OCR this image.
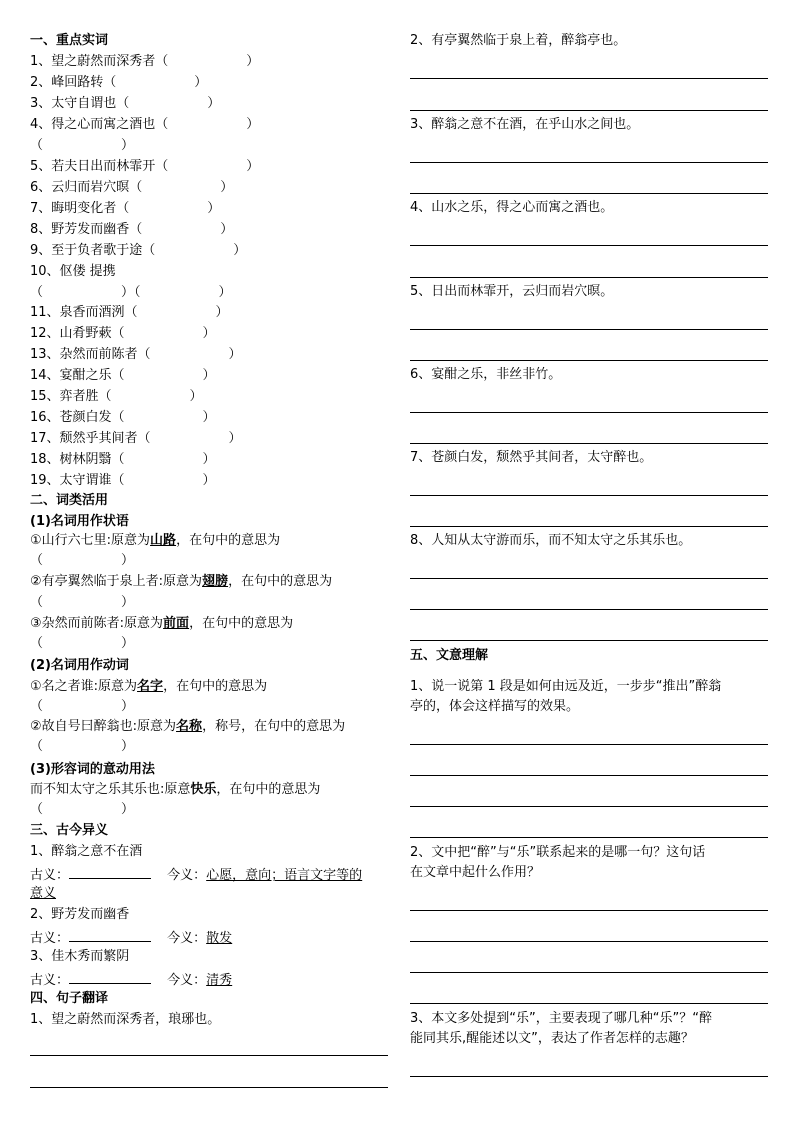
一、重点实词
1、望之蔚然而深秀者（　　　　　　）
2、峰回路转（　　　　　　）
3、太守自谓也（　　　　　　）
4、得之心而寓之酒也（　　　　　　）
（　　　　　　）
5、若夫日出而林霏开（　　　　　　）
6、云归而岩穴暝（　　　　　　）
7、晦明变化者（　　　　　　）
8、野芳发而幽香（　　　　　　）
9、至于负者歌于途（　　　　　　）
10、伛偻 提携
（　　　　　　）（　　　　　　）
11、泉香而酒洌（　　　　　　）
12、山肴野蔌（　　　　　　）
13、杂然而前陈者（　　　　　　）
14、宴酣之乐（　　　　　　）
15、弈者胜（　　　　　　）
16、苍颜白发（　　　　　　）
17、颓然乎其间者（　　　　　　）
18、树林阴翳（　　　　　　）
19、太守谓谁（　　　　　　）
二、词类活用
(1)名词用作状语
①山行六七里:原意为山路，在句中的意思为
（　　　　　　）
②有亭翼然临于泉上者:原意为翅膀，在句中的意思为
（　　　　　　）
③杂然而前陈者:原意为前面，在句中的意思为
（　　　　　　）
(2)名词用作动词
①名之者谁:原意为名字，在句中的意思为
（　　　　　　）
②故自号曰醉翁也:原意为名称，称号，在句中的意思为
（　　　　　　）
(3)形容词的意动用法
而不知太守之乐其乐也:原意快乐，在句中的意思为
（　　　　　　）
三、古今异义
1、醉翁之意不在酒
古义：	今义：心愿，意向；语言文字等的
意义
2、野芳发而幽香
古义：	今义：散发
3、佳木秀而繁阴
古义：	今义：清秀
四、句子翻译
1、望之蔚然而深秀者，琅琊也。
2、有亭翼然临于泉上着，醉翁亭也。
3、醉翁之意不在酒，在乎山水之间也。
4、山水之乐，得之心而寓之酒也。
5、日出而林霏开，云归而岩穴暝。
6、宴酣之乐，非丝非竹。
7、苍颜白发，颓然乎其间者，太守醉也。
8、人知从太守游而乐，而不知太守之乐其乐也。
五、文意理解
1、说一说第 1 段是如何由远及近，一步步“推出”醉翁
亭的，体会这样描写的效果。
2、文中把“醉”与“乐”联系起来的是哪一句？这句话
在文章中起什么作用？
3、本文多处提到“乐”，主要表现了哪几种“乐”？“醉
能同其乐,醒能述以文”，表达了作者怎样的志趣？
